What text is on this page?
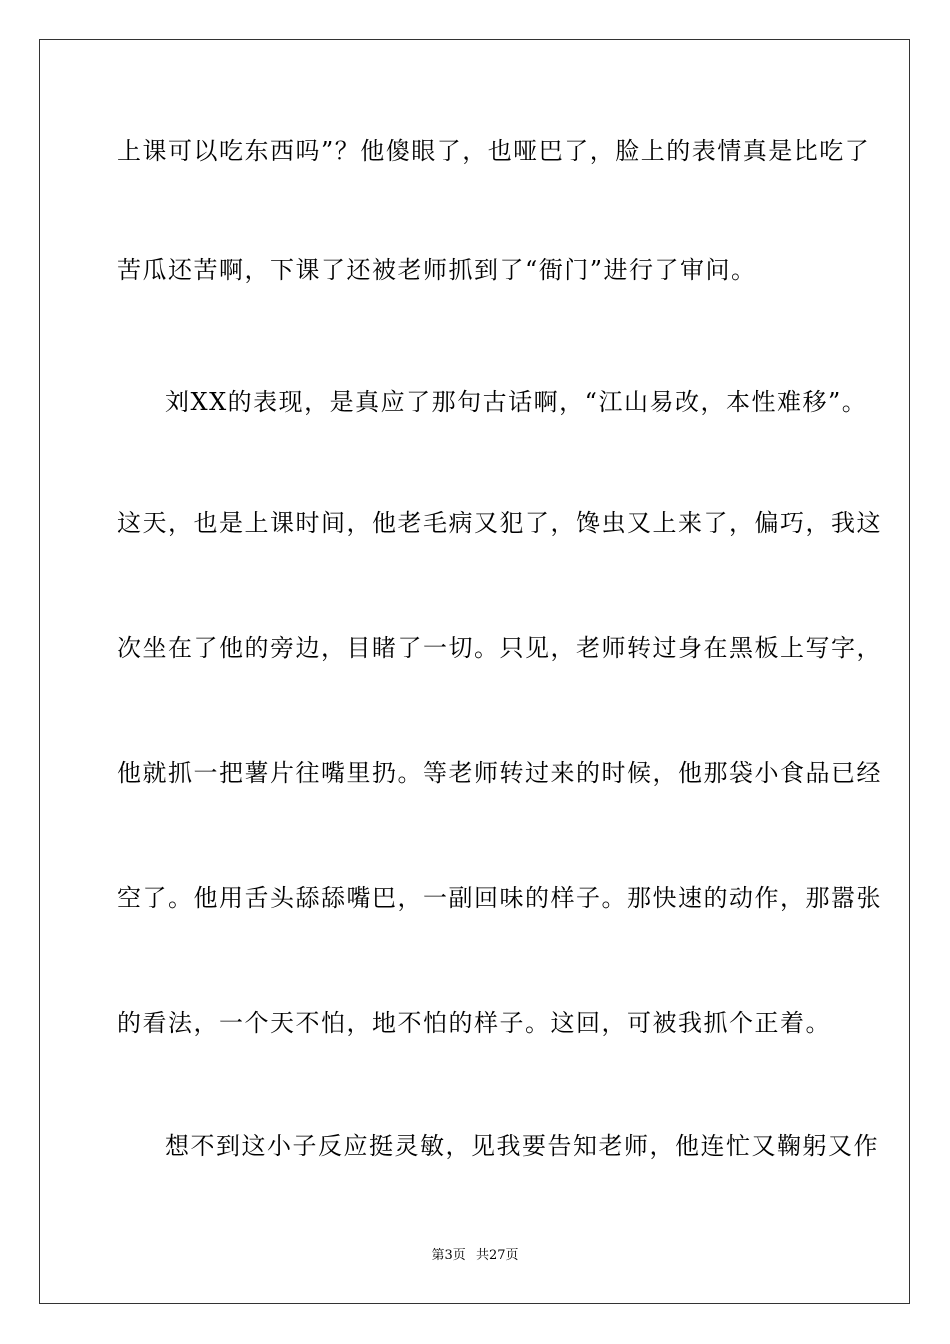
上课可以吃东西吗”？他傻眼了，也哑巴了，脸上的表情真是比吃了
苦瓜还苦啊，下课了还被老师抓到了“衙门”进行了审问。
刘XX的表现，是真应了那句古话啊，“江山易改，本性难移”。
这天，也是上课时间，他老毛病又犯了，馋虫又上来了，偏巧，我这
次坐在了他的旁边，目睹了一切。只见，老师转过身在黑板上写字，
他就抓一把薯片往嘴里扔。等老师转过来的时候，他那袋小食品已经
空了。他用舌头舔舔嘴巴，一副回味的样子。那快速的动作，那嚣张
的看法，一个天不怕，地不怕的样子。这回，可被我抓个正着。
想不到这小子反应挺灵敏，见我要告知老师，他连忙又鞠躬又作
第3页 共27页
